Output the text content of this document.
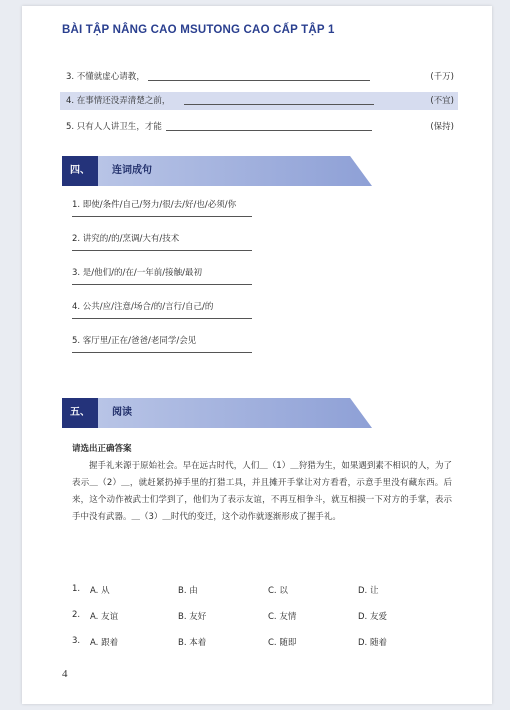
BÀI TẬP NÂNG CAO MSUTONG CAO CẤP TẬP 1
3. 不懂就虚心请教，	(千万)
4. 在事情还没弄清楚之前，	(不宜)
5. 只有人人讲卫生，才能	(保持)
四、	连词成句
1. 即使/条件/自己/努力/很/去/好/也/必须/你
2. 讲究的/的/烹调/大有/技术
3. 是/他们/的/在/一年前/接触/最初
4. 公共/应/注意/场合/的/言行/自己/的
5. 客厅里/正在/爸爸/老同学/会见
五、	阅读
请选出正确答案
握手礼来源于原始社会。早在远古时代，人们＿（1）＿狩猎为生，如果遇到素不相识的人，为了表示＿（2）＿，就赶紧扔掉手里的打猎工具，并且摊开手掌让对方看看，示意手里没有藏东西。后来，这个动作被武士们学到了，他们为了表示友谊，不再互相争斗，就互相摸一下对方的手掌，表示手中没有武器。＿（3）＿时代的变迁，这个动作就逐渐形成了握手礼。
1. A. 从	B. 由	C. 以	D. 让
2. A. 友谊	B. 友好	C. 友情	D. 友爱
3. A. 跟着	B. 本着	C. 随即	D. 随着
4
